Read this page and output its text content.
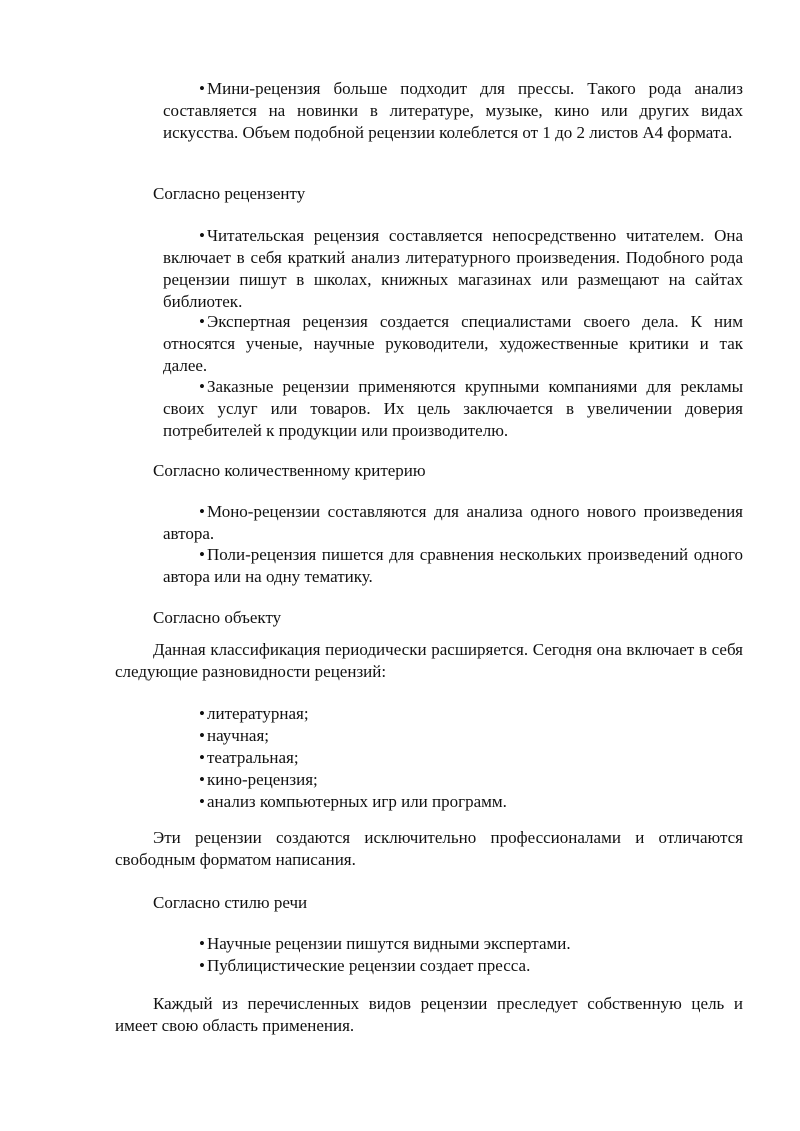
• Мини-рецензия больше подходит для прессы. Такого рода анализ составляется на новинки в литературе, музыке, кино или других видах искусства. Объем подобной рецензии колеблется от 1 до 2 листов А4 формата.
Согласно рецензенту
• Читательская рецензия составляется непосредственно читателем. Она включает в себя краткий анализ литературного произведения. Подобного рода рецензии пишут в школах, книжных магазинах или размещают на сайтах библиотек.
• Экспертная рецензия создается специалистами своего дела. К ним относятся ученые, научные руководители, художественные критики и так далее.
• Заказные рецензии применяются крупными компаниями для рекламы своих услуг или товаров. Их цель заключается в увеличении доверия потребителей к продукции или производителю.
Согласно количественному критерию
• Моно-рецензии составляются для анализа одного нового произведения автора.
• Поли-рецензия пишется для сравнения нескольких произведений одного автора или на одну тематику.
Согласно объекту
Данная классификация периодически расширяется. Сегодня она включает в себя следующие разновидности рецензий:
• литературная;
• научная;
• театральная;
• кино-рецензия;
• анализ компьютерных игр или программ.
Эти рецензии создаются исключительно профессионалами и отличаются свободным форматом написания.
Согласно стилю речи
• Научные рецензии пишутся видными экспертами.
• Публицистические рецензии создает пресса.
Каждый из перечисленных видов рецензии преследует собственную цель и имеет свою область применения.
